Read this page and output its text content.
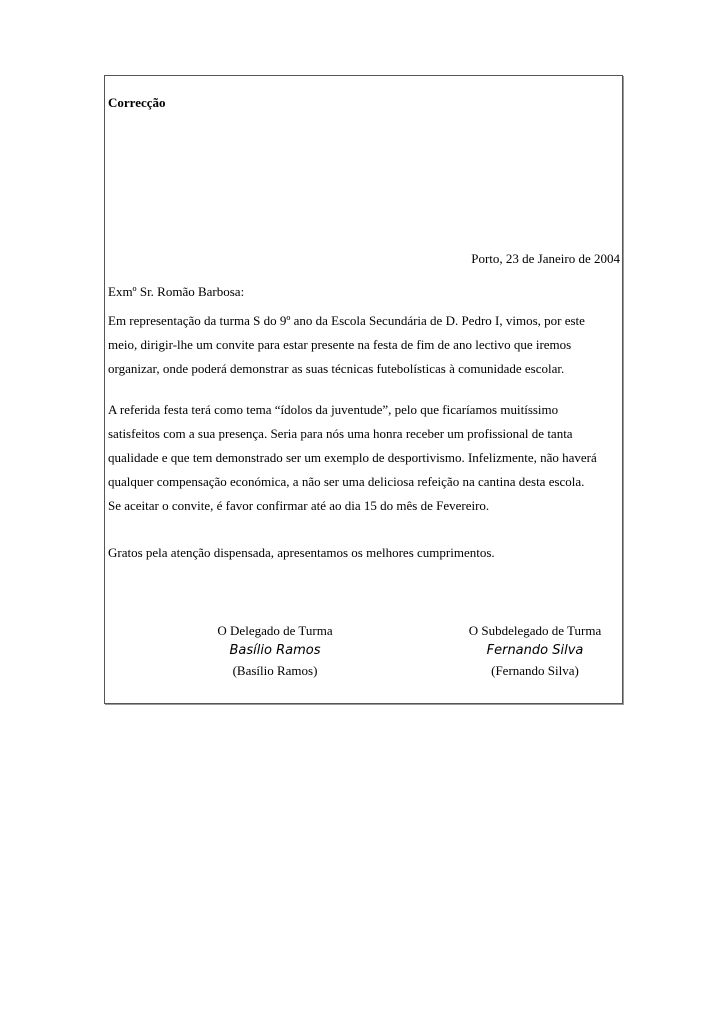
Correcção
Porto, 23 de Janeiro de 2004
Exmº Sr. Romão Barbosa:
Em representação da turma S do 9º ano da Escola Secundária de D. Pedro I, vimos, por este
meio, dirigir-lhe um convite para estar presente na festa de fim de ano lectivo que iremos
organizar, onde poderá demonstrar as suas técnicas futebolísticas à comunidade escolar.
A referida festa terá como tema “ídolos da juventude”, pelo que ficaríamos muitíssimo
satisfeitos com a sua presença. Seria para nós uma honra receber um profissional de tanta
qualidade e que tem demonstrado ser um exemplo de desportivismo. Infelizmente, não haverá
qualquer compensação económica, a não ser uma deliciosa refeição na cantina desta escola.
Se aceitar o convite, é favor confirmar até ao dia 15 do mês de Fevereiro.
Gratos pela atenção dispensada, apresentamos os melhores cumprimentos.
O Delegado de Turma
Basílio Ramos
(Basílio Ramos)
O Subdelegado de Turma
Fernando Silva
(Fernando Silva)
